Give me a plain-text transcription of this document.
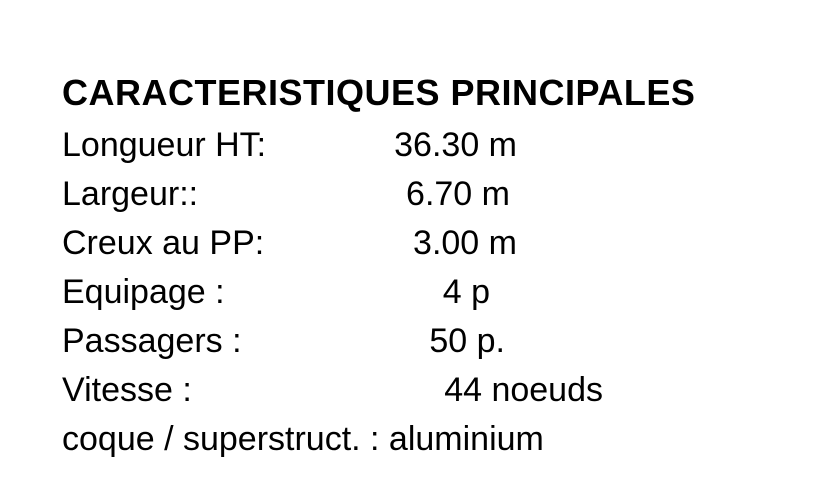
CARACTERISTIQUES PRINCIPALES
Longueur HT:	36.30 m
Largeur::	6.70 m
Creux au PP:	3.00 m
Equipage :	4 p
Passagers :	50 p.
Vitesse :	44 noeuds
coque / superstruct. : aluminium
